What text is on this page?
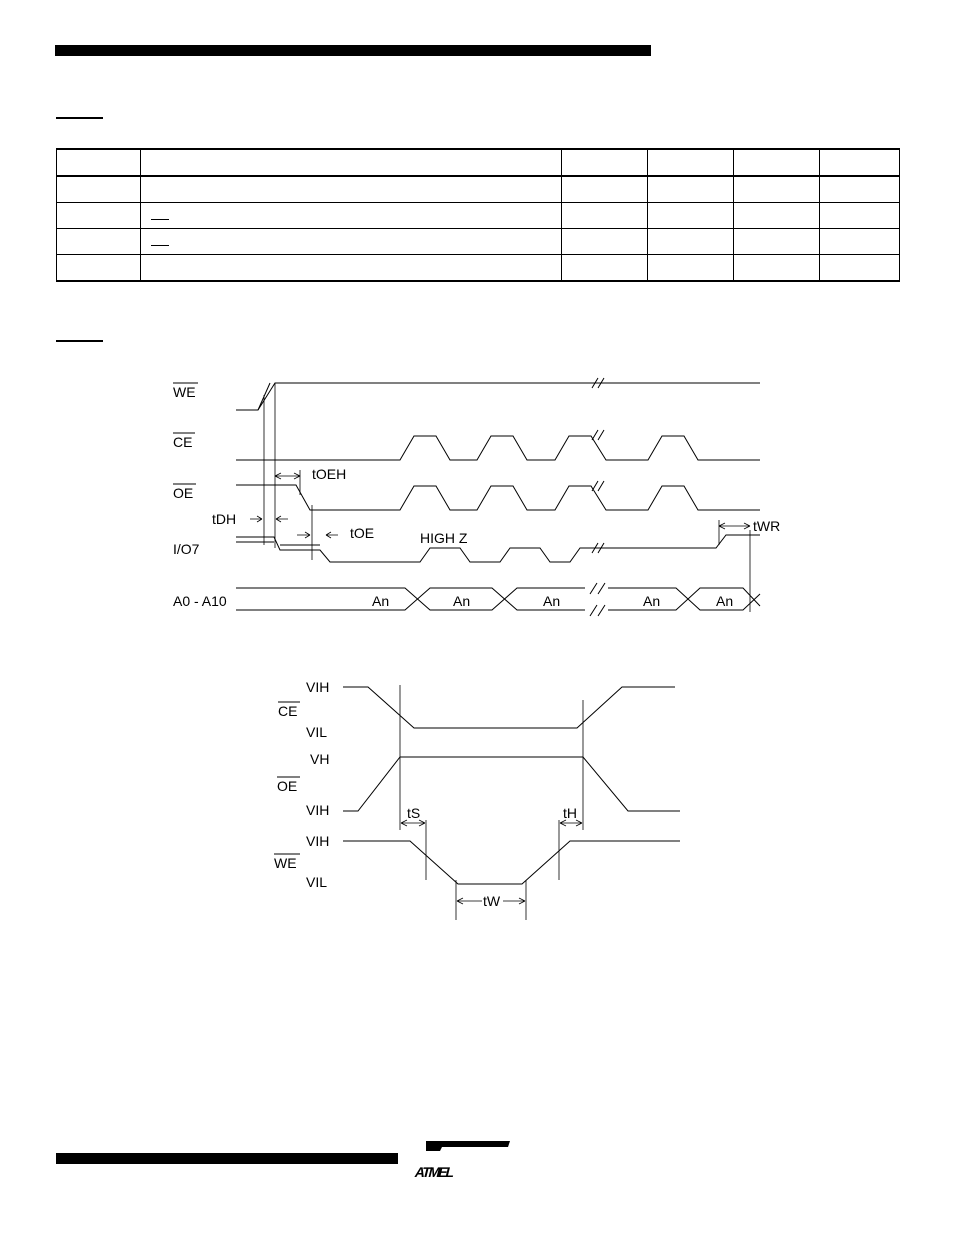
WE
CE
OE
I/O7
A0 - A10	An	An	An	An	An
tOEH
tDH
tOE	HIGH Z
tWR
VIH
CE
VIL
VH
OE
VIH
VIH
WE
VIL
tS	tH
tW
ATMEL
